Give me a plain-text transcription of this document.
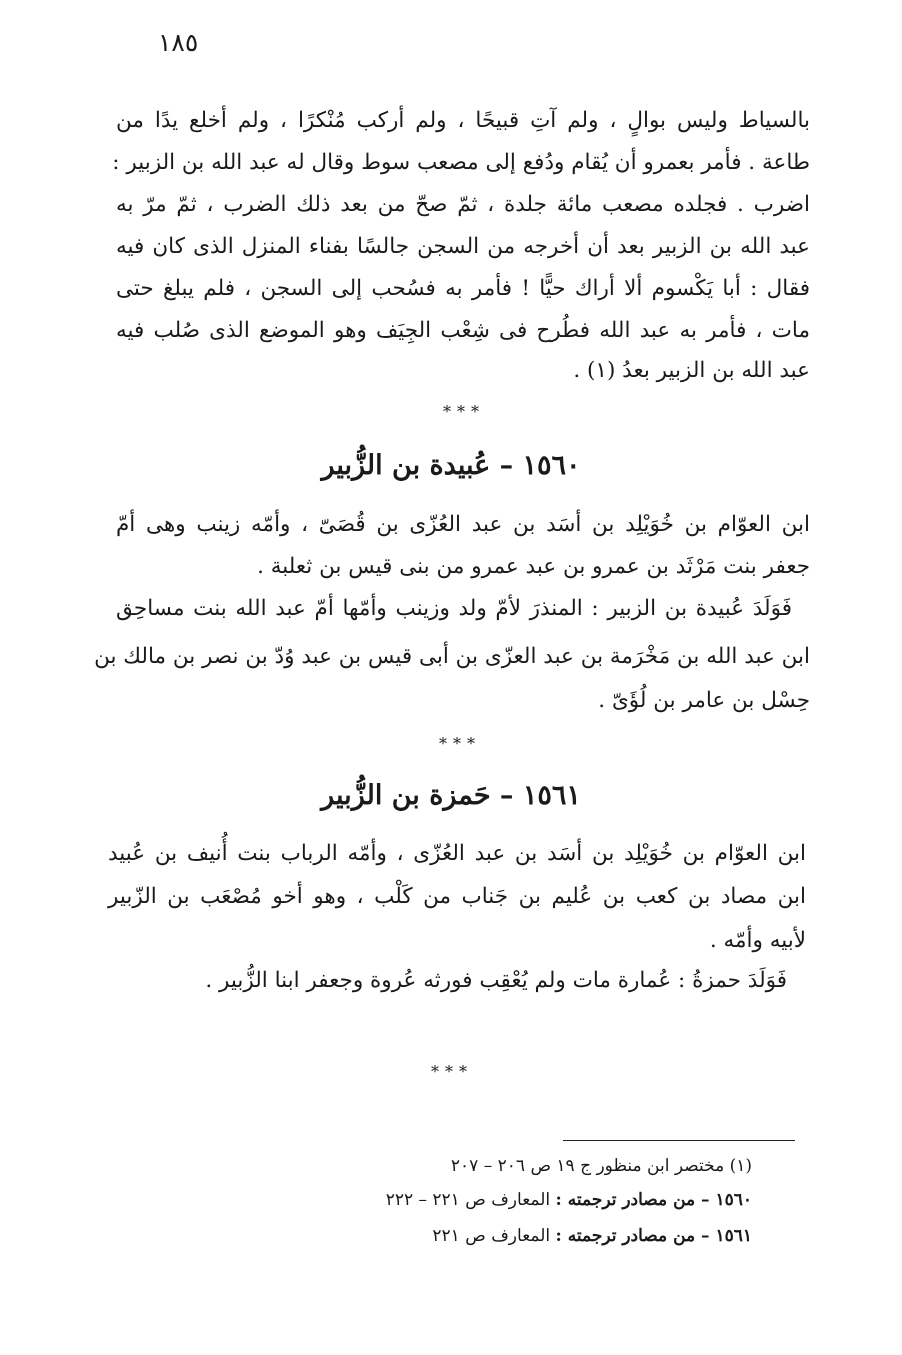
١٨٥
بالسياط وليس بوالٍ ، ولم آتِ قبيحًا ، ولم أركب مُنْكرًا ، ولم أخلع يدًا من
طاعة . فأمر بعمرو أن يُقام ودُفع إلى مصعب سوط وقال له عبد الله بن الزبير :
اضرب . فجلده مصعب مائة جلدة ، ثمّ صحّ من بعد ذلك الضرب ، ثمّ مرّ به
عبد الله بن الزبير بعد أن أخرجه من السجن جالسًا بفناء المنزل الذى كان فيه
فقال : أبا يَكْسوم ألا أراك حيًّا ! فأمر به فسُحب إلى السجن ، فلم يبلغ حتى
مات ، فأمر به عبد الله فطُرح فى شِعْب الجِيَف وهو الموضع الذى صُلب فيه
عبد الله بن الزبير بعدُ (١) .
***
١٥٦٠ – عُبيدة بن الزُّبير
ابن العوّام بن خُوَيْلِد بن أسَد بن عبد العُزّى بن قُصَىّ ، وأمّه زينب وهى أمّ
جعفر بنت مَرْثَد بن عمرو بن عبد عمرو من بنى قيس بن ثعلبة .
فَوَلَدَ عُبيدة بن الزبير : المنذرَ لأمّ ولد وزينب وأمّها أمّ عبد الله بنت مساحِق
ابن عبد الله بن مَخْرَمة بن عبد العزّى بن أبى قيس بن عبد وُدّ بن نصر بن مالك بن
حِسْل بن عامر بن لُؤَىّ .
***
١٥٦١ – حَمزة بن الزُّبير
ابن العوّام بن خُوَيْلِد بن أسَد بن عبد العُزّى ، وأمّه الرباب بنت أُنيف بن عُبيد
ابن مصاد بن كعب بن عُليم بن جَناب من كَلْب ، وهو أخو مُصْعَب بن الزّبير
لأبيه وأمّه .
فَوَلَدَ حمزةُ : عُمارة مات ولم يُعْقِب فورثه عُروة وجعفر ابنا الزُّبير .
***
(١) مختصر ابن منظور ج ١٩ ص ٢٠٦ – ٢٠٧
١٥٦٠ – من مصادر ترجمته : المعارف ص ٢٢١ – ٢٢٢
١٥٦١ – من مصادر ترجمته : المعارف ص ٢٢١
